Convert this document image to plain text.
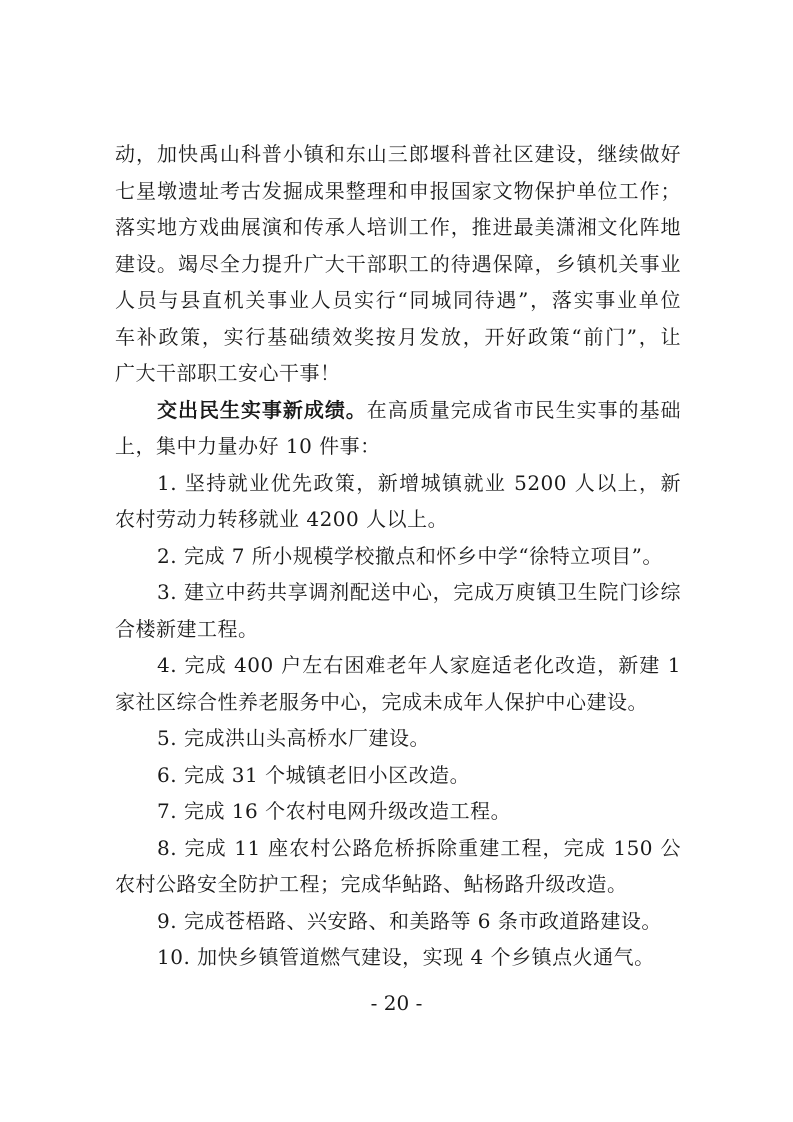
动，加快禹山科普小镇和东山三郎堰科普社区建设，继续做好
七星墩遗址考古发掘成果整理和申报国家文物保护单位工作；
落实地方戏曲展演和传承人培训工作，推进最美潇湘文化阵地
建设。竭尽全力提升广大干部职工的待遇保障，乡镇机关事业
人员与县直机关事业人员实行“同城同待遇”，落实事业单位
车补政策，实行基础绩效奖按月发放，开好政策“前门”，让
广大干部职工安心干事！
交出民生实事新成绩。在高质量完成省市民生实事的基础
上，集中力量办好 10 件事：
1. 坚持就业优先政策，新增城镇就业 5200 人以上，新
农村劳动力转移就业 4200 人以上。
2. 完成 7 所小规模学校撤点和怀乡中学“徐特立项目”。
3. 建立中药共享调剂配送中心，完成万庾镇卫生院门诊综
合楼新建工程。
4. 完成 400 户左右困难老年人家庭适老化改造，新建 1
家社区综合性养老服务中心，完成未成年人保护中心建设。
5. 完成洪山头高桥水厂建设。
6. 完成 31 个城镇老旧小区改造。
7. 完成 16 个农村电网升级改造工程。
8. 完成 11 座农村公路危桥拆除重建工程，完成 150 公
农村公路安全防护工程；完成华鲇路、鲇杨路升级改造。
9. 完成苍梧路、兴安路、和美路等 6 条市政道路建设。
10. 加快乡镇管道燃气建设，实现 4 个乡镇点火通气。
- 20 -
